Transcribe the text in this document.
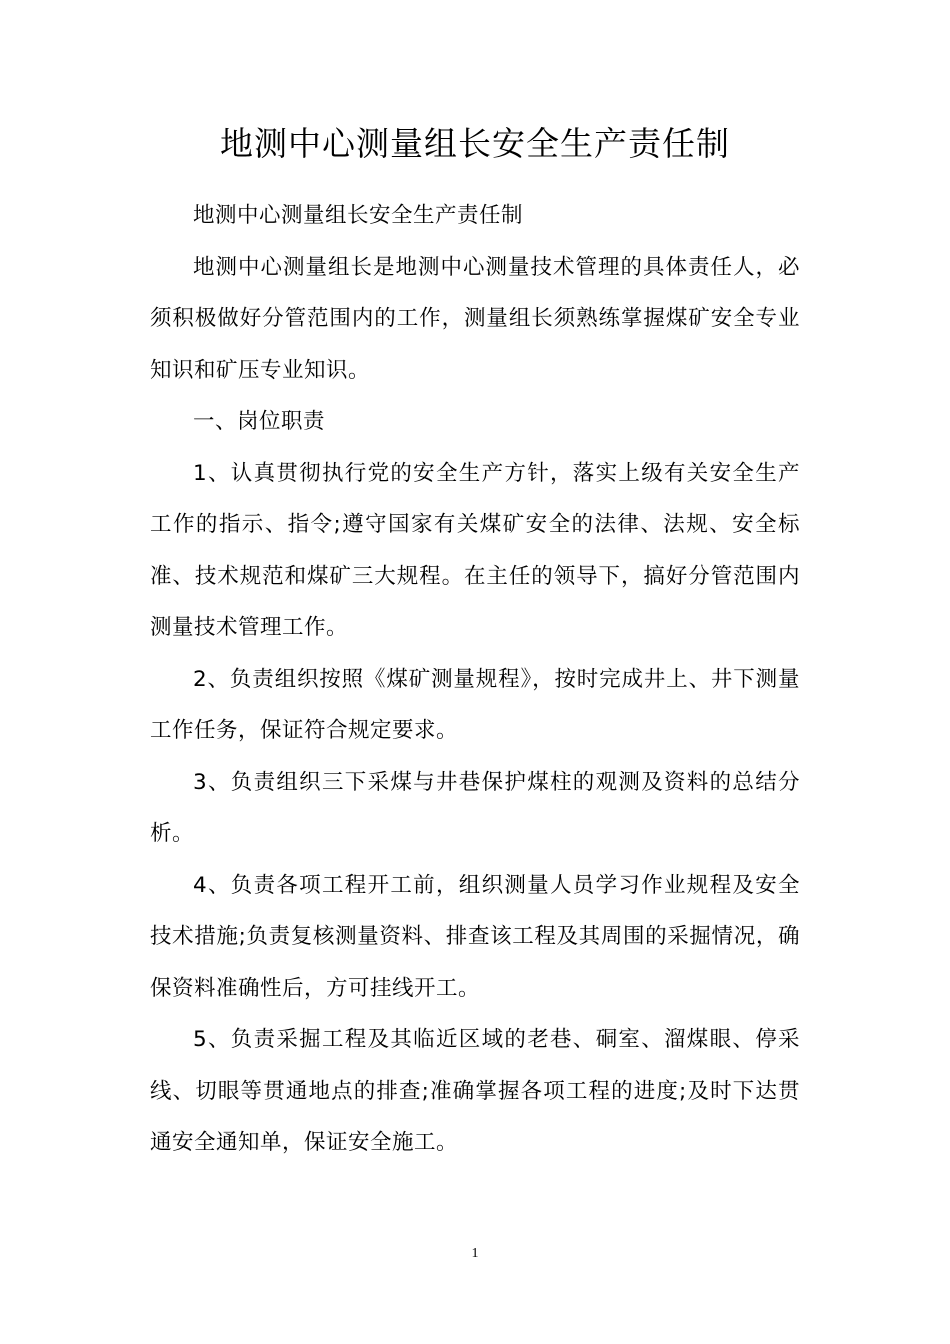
地测中心测量组长安全生产责任制

地测中心测量组长安全生产责任制

地测中心测量组长是地测中心测量技术管理的具体责任人，必须积极做好分管范围内的工作，测量组长须熟练掌握煤矿安全专业知识和矿压专业知识。

一、岗位职责

1、认真贯彻执行党的安全生产方针，落实上级有关安全生产工作的指示、指令;遵守国家有关煤矿安全的法律、法规、安全标准、技术规范和煤矿三大规程。在主任的领导下，搞好分管范围内测量技术管理工作。

2、负责组织按照《煤矿测量规程》，按时完成井上、井下测量工作任务，保证符合规定要求。

3、负责组织三下采煤与井巷保护煤柱的观测及资料的总结分析。

4、负责各项工程开工前，组织测量人员学习作业规程及安全技术措施;负责复核测量资料、排查该工程及其周围的采掘情况，确保资料准确性后，方可挂线开工。

5、负责采掘工程及其临近区域的老巷、硐室、溜煤眼、停采线、切眼等贯通地点的排查;准确掌握各项工程的进度;及时下达贯通安全通知单，保证安全施工。

1
